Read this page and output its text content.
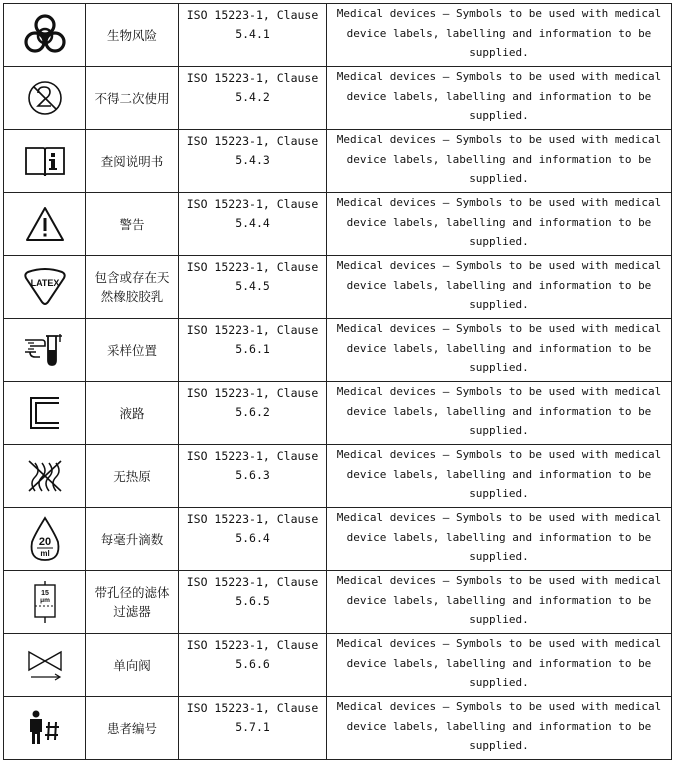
	生物风险	ISO 15223-1, Clause
5.4.1	Medical devices — Symbols to be used with medical
device labels, labelling and information to be
supplied.

	不得二次使用	ISO 15223-1, Clause
5.4.2	Medical devices — Symbols to be used with medical
device labels, labelling and information to be
supplied.

	查阅说明书	ISO 15223-1, Clause
5.4.3	Medical devices — Symbols to be used with medical
device labels, labelling and information to be
supplied.

	警告	ISO 15223-1, Clause
5.4.4	Medical devices — Symbols to be used with medical
device labels, labelling and information to be
supplied.

LATEX	包含或存在天然橡胶胶乳	ISO 15223-1, Clause
5.4.5	Medical devices — Symbols to be used with medical
device labels, labelling and information to be
supplied.

	采样位置	ISO 15223-1, Clause
5.6.1	Medical devices — Symbols to be used with medical
device labels, labelling and information to be
supplied.

	液路	ISO 15223-1, Clause
5.6.2	Medical devices — Symbols to be used with medical
device labels, labelling and information to be
supplied.

	无热原	ISO 15223-1, Clause
5.6.3	Medical devices — Symbols to be used with medical
device labels, labelling and information to be
supplied.

20
ml	每毫升滴数	ISO 15223-1, Clause
5.6.4	Medical devices — Symbols to be used with medical
device labels, labelling and information to be
supplied.

15
μm	带孔径的滤体过滤器	ISO 15223-1, Clause
5.6.5	Medical devices — Symbols to be used with medical
device labels, labelling and information to be
supplied.

	单向阀	ISO 15223-1, Clause
5.6.6	Medical devices — Symbols to be used with medical
device labels, labelling and information to be
supplied.

	患者编号	ISO 15223-1, Clause
5.7.1	Medical devices — Symbols to be used with medical
device labels, labelling and information to be
supplied.
